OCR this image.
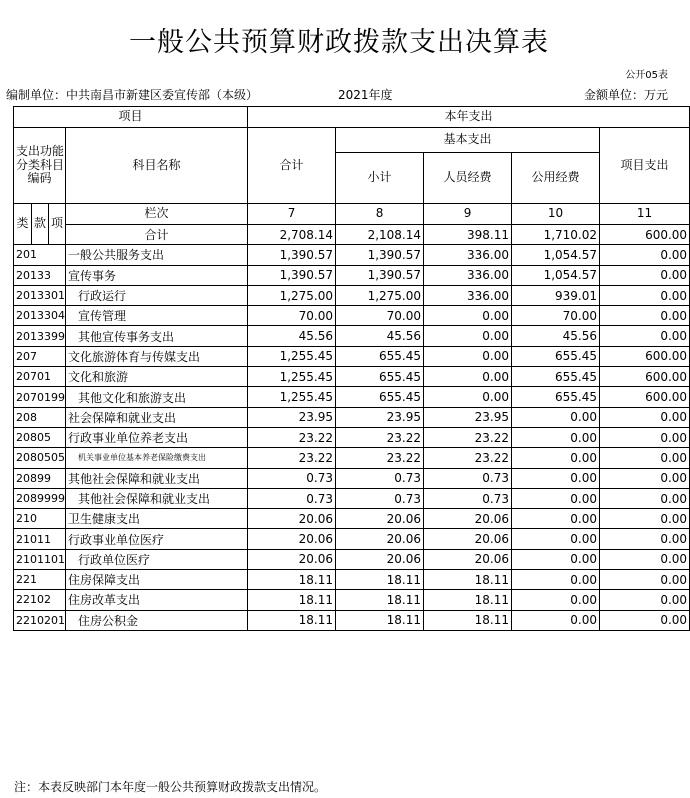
一般公共预算财政拨款支出决算表
公开05表
编制单位：中共南昌市新建区委宣传部（本级）	2021年度	金额单位：万元
项目				本年支出				

支出功能
分类科目
编码			科目名称	合计	基本支出			项目支出
					小计	人员经费	公用经费	
类	款	项	栏次	7	8	9	10	11
			合计	2,708.14	2,108.14	398.11	1,710.02	600.00
201			一般公共服务支出	1,390.57	1,390.57	336.00	1,054.57	0.00
20133			宣传事务	1,390.57	1,390.57	336.00	1,054.57	0.00
2013301			行政运行	1,275.00	1,275.00	336.00	939.01	0.00
2013304			宣传管理	70.00	70.00	0.00	70.00	0.00
2013399			其他宣传事务支出	45.56	45.56	0.00	45.56	0.00
207			文化旅游体育与传媒支出	1,255.45	655.45	0.00	655.45	600.00
20701			文化和旅游	1,255.45	655.45	0.00	655.45	600.00
2070199			其他文化和旅游支出	1,255.45	655.45	0.00	655.45	600.00
208			社会保障和就业支出	23.95	23.95	23.95	0.00	0.00
20805			行政事业单位养老支出	23.22	23.22	23.22	0.00	0.00
2080505			机关事业单位基本养老保险缴费支出	23.22	23.22	23.22	0.00	0.00
20899			其他社会保障和就业支出	0.73	0.73	0.73	0.00	0.00
2089999			其他社会保障和就业支出	0.73	0.73	0.73	0.00	0.00
210			卫生健康支出	20.06	20.06	20.06	0.00	0.00
21011			行政事业单位医疗	20.06	20.06	20.06	0.00	0.00
2101101			行政单位医疗	20.06	20.06	20.06	0.00	0.00
221			住房保障支出	18.11	18.11	18.11	0.00	0.00
22102			住房改革支出	18.11	18.11	18.11	0.00	0.00
2210201			住房公积金	18.11	18.11	18.11	0.00	0.00
注：本表反映部门本年度一般公共预算财政拨款支出情况。
